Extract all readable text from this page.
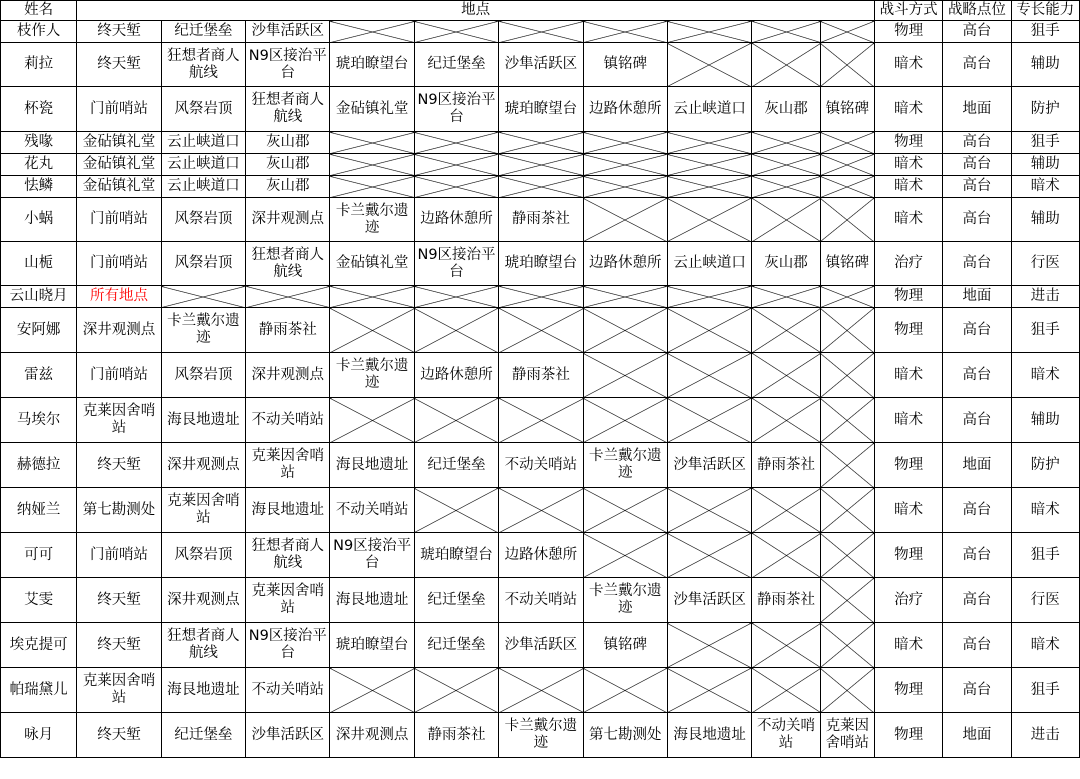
姓名	地点										战斗方式	战略点位	专长能力
枝作人	终天堑	纪迁堡垒	沙隼活跃区								物理	高台	狙手
莉拉	终天堑	狂想者商人航线	N9区接治平台	琥珀瞭望台	纪迁堡垒	沙隼活跃区	镇铭碑				暗术	高台	辅助
杯瓷	门前哨站	风祭岩顶	狂想者商人航线	金砧镇礼堂	N9区接治平台	琥珀瞭望台	边路休憩所	云止峡道口	灰山郡	镇铭碑	暗术	地面	防护
残喙	金砧镇礼堂	云止峡道口	灰山郡								物理	高台	狙手
花丸	金砧镇礼堂	云止峡道口	灰山郡								暗术	高台	辅助
怯鳞	金砧镇礼堂	云止峡道口	灰山郡								暗术	高台	暗术
小蜗	门前哨站	风祭岩顶	深井观测点	卡兰戴尔遗迹	边路休憩所	静雨茶社					暗术	高台	辅助
山栀	门前哨站	风祭岩顶	狂想者商人航线	金砧镇礼堂	N9区接治平台	琥珀瞭望台	边路休憩所	云止峡道口	灰山郡	镇铭碑	治疗	高台	行医
云山晓月	所有地点										物理	地面	进击
安阿娜	深井观测点	卡兰戴尔遗迹	静雨茶社								物理	高台	狙手
雷兹	门前哨站	风祭岩顶	深井观测点	卡兰戴尔遗迹	边路休憩所	静雨茶社					暗术	高台	暗术
马埃尔	克莱因舍哨站	海艮地遗址	不动关哨站								暗术	高台	辅助
赫德拉	终天堑	深井观测点	克莱因舍哨站	海艮地遗址	纪迁堡垒	不动关哨站	卡兰戴尔遗迹	沙隼活跃区	静雨茶社		物理	地面	防护
纳娅兰	第七勘测处	克莱因舍哨站	海艮地遗址	不动关哨站							暗术	高台	暗术
可可	门前哨站	风祭岩顶	狂想者商人航线	N9区接治平台	琥珀瞭望台	边路休憩所					物理	高台	狙手
艾雯	终天堑	深井观测点	克莱因舍哨站	海艮地遗址	纪迁堡垒	不动关哨站	卡兰戴尔遗迹	沙隼活跃区	静雨茶社		治疗	高台	行医
埃克提可	终天堑	狂想者商人航线	N9区接治平台	琥珀瞭望台	纪迁堡垒	沙隼活跃区	镇铭碑				暗术	高台	暗术
帕瑞黛儿	克莱因舍哨站	海艮地遗址	不动关哨站								物理	高台	狙手
咏月	终天堑	纪迁堡垒	沙隼活跃区	深井观测点	静雨茶社	卡兰戴尔遗迹	第七勘测处	海艮地遗址	不动关哨站	克莱因舍哨站	物理	地面	进击
